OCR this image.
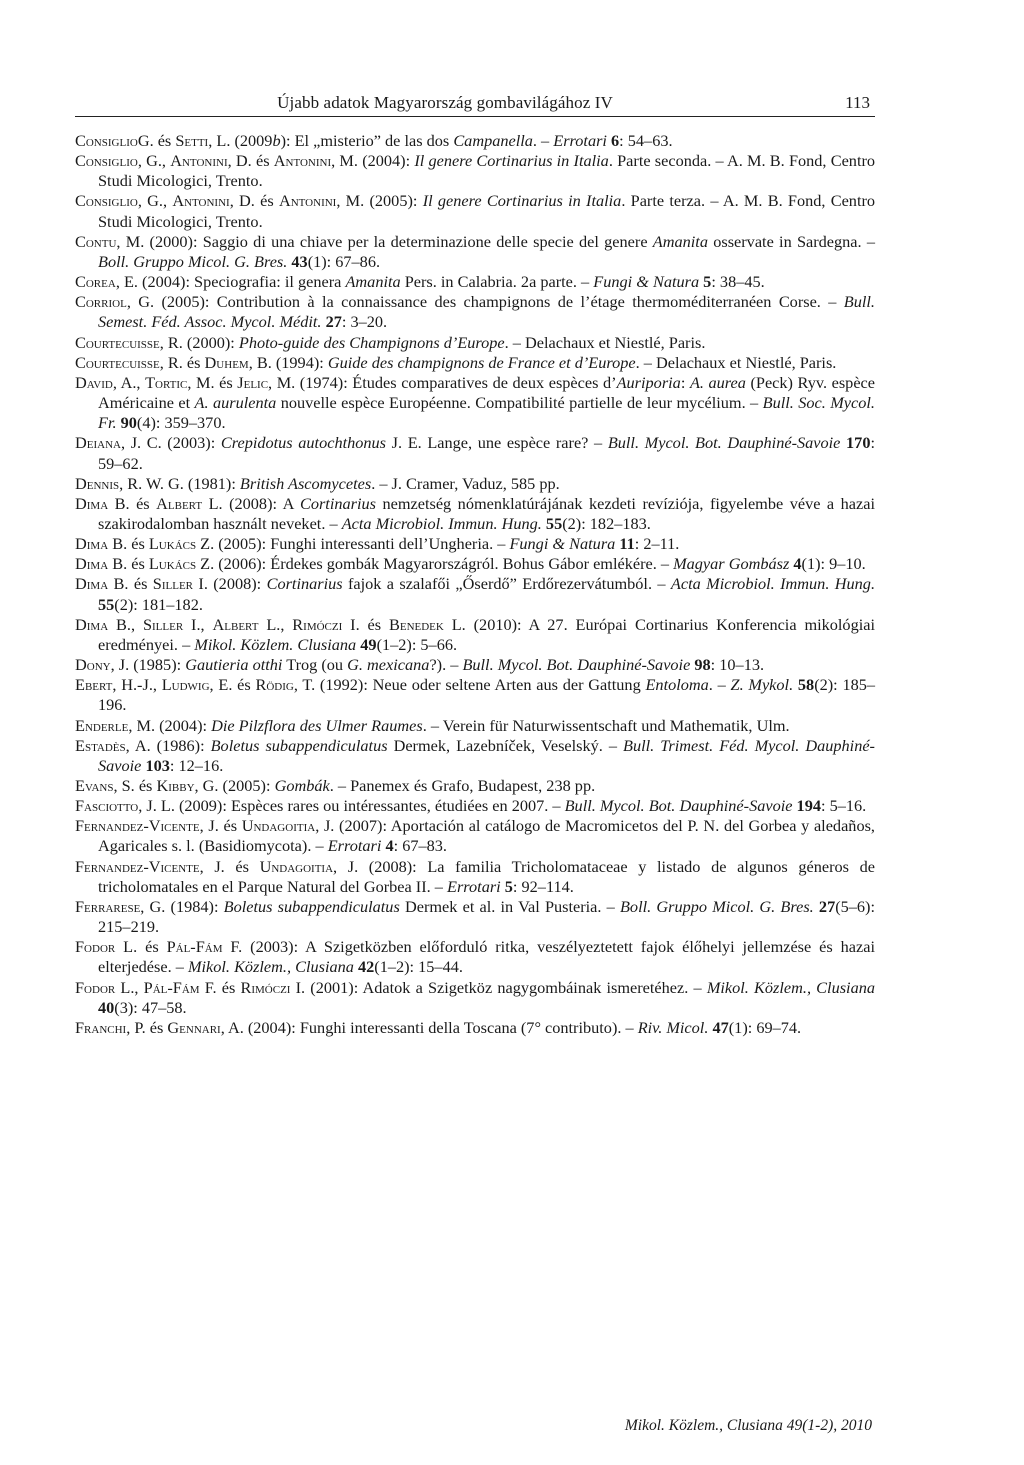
Újabb adatok Magyarország gombavilágához IV	113

ConsiglioG. és Setti, L. (2009b): El „misterio” de las dos Campanella. – Errotari 6: 54–63.

Consiglio, G., Antonini, D. és Antonini, M. (2004): Il genere Cortinarius in Italia. Parte seconda. – A. M. B. Fond, Centro Studi Micologici, Trento.

Consiglio, G., Antonini, D. és Antonini, M. (2005): Il genere Cortinarius in Italia. Parte terza. – A. M. B. Fond, Centro Studi Micologici, Trento.

Contu, M. (2000): Saggio di una chiave per la determinazione delle specie del genere Amanita osservate in Sardegna. – Boll. Gruppo Micol. G. Bres. 43(1): 67–86.

Corea, E. (2004): Speciografia: il genera Amanita Pers. in Calabria. 2a parte. – Fungi & Natura 5: 38–45.

Corriol, G. (2005): Contribution à la connaissance des champignons de l’étage thermoméditerranéen Corse. – Bull. Semest. Féd. Assoc. Mycol. Médit. 27: 3–20.

Courtecuisse, R. (2000): Photo-guide des Champignons d’Europe. – Delachaux et Niestlé, Paris.

Courtecuisse, R. és Duhem, B. (1994): Guide des champignons de France et d’Europe. – Delachaux et Niestlé, Paris.

David, A., Tortic, M. és Jelic, M. (1974): Études comparatives de deux espèces d’Auriporia: A. aurea (Peck) Ryv. espèce Américaine et A. aurulenta nouvelle espèce Européenne. Compatibilité partielle de leur mycélium. – Bull. Soc. Mycol. Fr. 90(4): 359–370.

Deiana, J. C. (2003): Crepidotus autochthonus J. E. Lange, une espèce rare? – Bull. Mycol. Bot. Dauphiné-Savoie 170: 59–62.

Dennis, R. W. G. (1981): British Ascomycetes. – J. Cramer, Vaduz, 585 pp.

Dima B. és Albert L. (2008): A Cortinarius nemzetség nómenklatúrájának kezdeti revíziója, figyelembe véve a hazai szakirodalomban használt neveket. – Acta Microbiol. Immun. Hung. 55(2): 182–183.

Dima B. és Lukács Z. (2005): Funghi interessanti dell’Ungheria. – Fungi & Natura 11: 2–11.

Dima B. és Lukács Z. (2006): Érdekes gombák Magyarországról. Bohus Gábor emlékére. – Magyar Gombász 4(1): 9–10.

Dima B. és Siller I. (2008): Cortinarius fajok a szalafői „Őserdő” Erdőrezervátumból. – Acta Microbiol. Immun. Hung. 55(2): 181–182.

Dima B., Siller I., Albert L., Rimóczi I. és Benedek L. (2010): A 27. Európai Cortinarius Konferencia mikológiai eredményei. – Mikol. Közlem. Clusiana 49(1–2): 5–66.

Dony, J. (1985): Gautieria otthi Trog (ou G. mexicana?). – Bull. Mycol. Bot. Dauphiné-Savoie 98: 10–13.

Ebert, H.-J., Ludwig, E. és Rödig, T. (1992): Neue oder seltene Arten aus der Gattung Entoloma. – Z. Mykol. 58(2): 185–196.

Enderle, M. (2004): Die Pilzflora des Ulmer Raumes. – Verein für Naturwissentschaft und Mathematik, Ulm.

Estadès, A. (1986): Boletus subappendiculatus Dermek, Lazebníček, Veselský. – Bull. Trimest. Féd. Mycol. Dauphiné-Savoie 103: 12–16.

Evans, S. és Kibby, G. (2005): Gombák. – Panemex és Grafo, Budapest, 238 pp.

Fasciotto, J. L. (2009): Espèces rares ou intéressantes, étudiées en 2007. – Bull. Mycol. Bot. Dauphiné-Savoie 194: 5–16.

Fernandez-Vicente, J. és Undagoitia, J. (2007): Aportación al catálogo de Macromicetos del P. N. del Gorbea y aledaños, Agaricales s. l. (Basidiomycota). – Errotari 4: 67–83.

Fernandez-Vicente, J. és Undagoitia, J. (2008): La familia Tricholomataceae y listado de algunos géneros de tricholomatales en el Parque Natural del Gorbea II. – Errotari 5: 92–114.

Ferrarese, G. (1984): Boletus subappendiculatus Dermek et al. in Val Pusteria. – Boll. Gruppo Micol. G. Bres. 27(5–6): 215–219.

Fodor L. és Pál-Fám F. (2003): A Szigetközben előforduló ritka, veszélyeztetett fajok élőhelyi jellemzése és hazai elterjedése. – Mikol. Közlem., Clusiana 42(1–2): 15–44.

Fodor L., Pál-Fám F. és Rimóczi I. (2001): Adatok a Szigetköz nagygombáinak ismeretéhez. – Mikol. Közlem., Clusiana 40(3): 47–58.

Franchi, P. és Gennari, A. (2004): Funghi interessanti della Toscana (7° contributo). – Riv. Micol. 47(1): 69–74.

Mikol. Közlem., Clusiana 49(1-2), 2010
